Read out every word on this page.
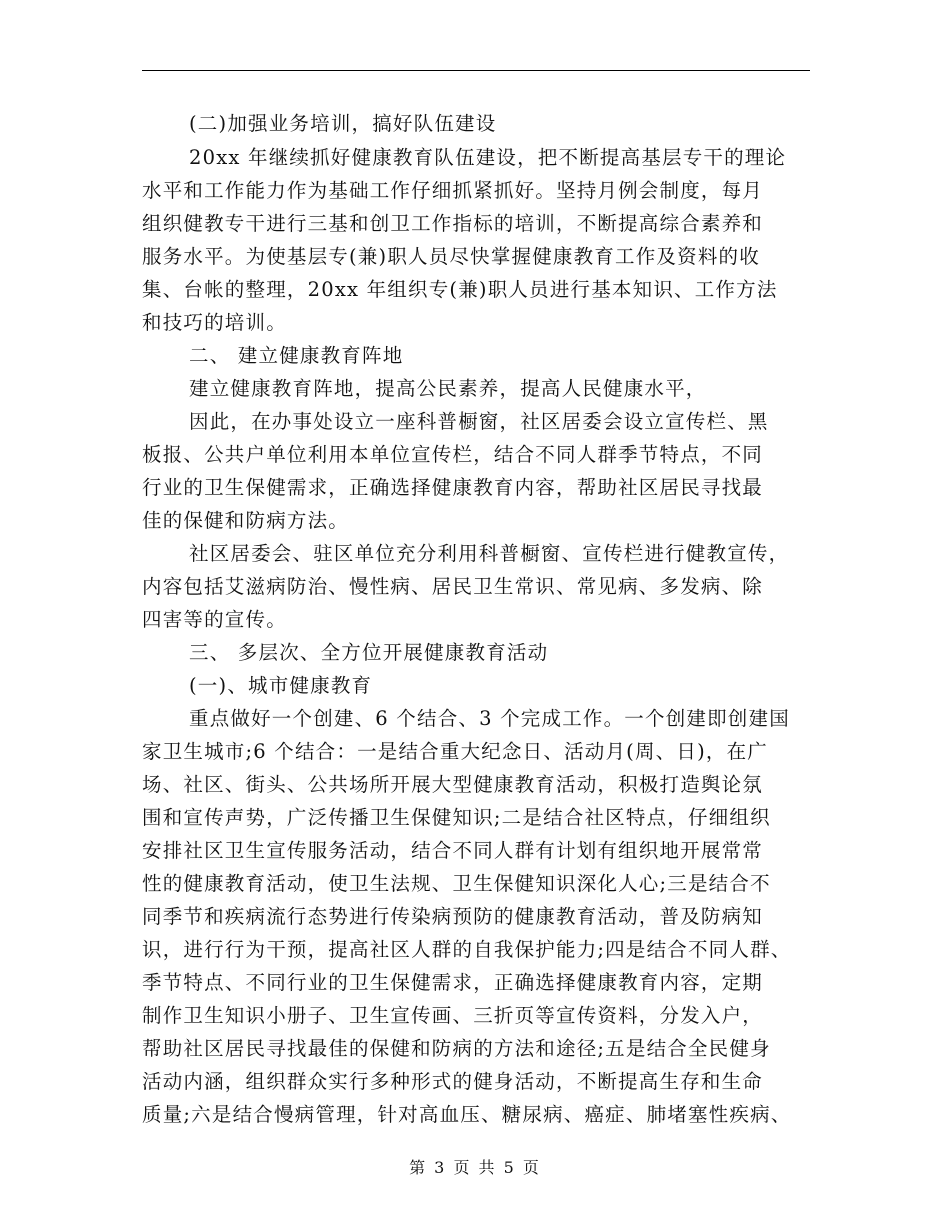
(二)加强业务培训，搞好队伍建设
20xx 年继续抓好健康教育队伍建设，把不断提高基层专干的理论
水平和工作能力作为基础工作仔细抓紧抓好。坚持月例会制度，每月
组织健教专干进行三基和创卫工作指标的培训，不断提高综合素养和
服务水平。为使基层专(兼)职人员尽快掌握健康教育工作及资料的收
集、台帐的整理，20xx 年组织专(兼)职人员进行基本知识、工作方法
和技巧的培训。
二、 建立健康教育阵地
建立健康教育阵地，提高公民素养，提高人民健康水平，
因此，在办事处设立一座科普橱窗，社区居委会设立宣传栏、黑
板报、公共户单位利用本单位宣传栏，结合不同人群季节特点，不同
行业的卫生保健需求，正确选择健康教育内容，帮助社区居民寻找最
佳的保健和防病方法。
社区居委会、驻区单位充分利用科普橱窗、宣传栏进行健教宣传，
内容包括艾滋病防治、慢性病、居民卫生常识、常见病、多发病、除
四害等的宣传。
三、 多层次、全方位开展健康教育活动
(一)、城市健康教育
重点做好一个创建、6 个结合、3 个完成工作。一个创建即创建国
家卫生城市;6 个结合：一是结合重大纪念日、活动月(周、日)，在广
场、社区、街头、公共场所开展大型健康教育活动，积极打造舆论氛
围和宣传声势，广泛传播卫生保健知识;二是结合社区特点，仔细组织
安排社区卫生宣传服务活动，结合不同人群有计划有组织地开展常常
性的健康教育活动，使卫生法规、卫生保健知识深化人心;三是结合不
同季节和疾病流行态势进行传染病预防的健康教育活动，普及防病知
识，进行行为干预，提高社区人群的自我保护能力;四是结合不同人群、
季节特点、不同行业的卫生保健需求，正确选择健康教育内容，定期
制作卫生知识小册子、卫生宣传画、三折页等宣传资料，分发入户，
帮助社区居民寻找最佳的保健和防病的方法和途径;五是结合全民健身
活动内涵，组织群众实行多种形式的健身活动，不断提高生存和生命
质量;六是结合慢病管理，针对高血压、糖尿病、癌症、肺堵塞性疾病、
第 3 页 共 5 页
